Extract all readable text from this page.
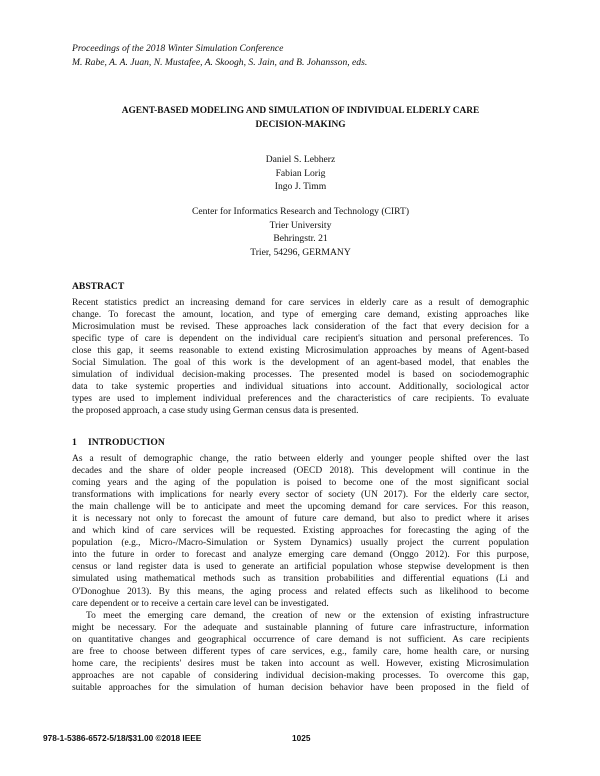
Proceedings of the 2018 Winter Simulation Conference
M. Rabe, A. A. Juan, N. Mustafee, A. Skoogh, S. Jain, and B. Johansson, eds.
AGENT-BASED MODELING AND SIMULATION OF INDIVIDUAL ELDERLY CARE
DECISION-MAKING
Daniel S. Lebherz
Fabian Lorig
Ingo J. Timm
Center for Informatics Research and Technology (CIRT)
Trier University
Behringstr. 21
Trier, 54296, GERMANY
ABSTRACT
Recent statistics predict an increasing demand for care services in elderly care as a result of demographic
change. To forecast the amount, location, and type of emerging care demand, existing approaches like
Microsimulation must be revised. These approaches lack consideration of the fact that every decision for a
specific type of care is dependent on the individual care recipient's situation and personal preferences. To
close this gap, it seems reasonable to extend existing Microsimulation approaches by means of Agent-based
Social Simulation. The goal of this work is the development of an agent-based model, that enables the
simulation of individual decision-making processes. The presented model is based on sociodemographic
data to take systemic properties and individual situations into account. Additionally, sociological actor
types are used to implement individual preferences and the characteristics of care recipients. To evaluate
the proposed approach, a case study using German census data is presented.
1 INTRODUCTION
As a result of demographic change, the ratio between elderly and younger people shifted over the last
decades and the share of older people increased (OECD 2018). This development will continue in the
coming years and the aging of the population is poised to become one of the most significant social
transformations with implications for nearly every sector of society (UN 2017). For the elderly care sector,
the main challenge will be to anticipate and meet the upcoming demand for care services. For this reason,
it is necessary not only to forecast the amount of future care demand, but also to predict where it arises
and which kind of care services will be requested. Existing approaches for forecasting the aging of the
population (e.g., Micro-/Macro-Simulation or System Dynamics) usually project the current population
into the future in order to forecast and analyze emerging care demand (Onggo 2012). For this purpose,
census or land register data is used to generate an artificial population whose stepwise development is then
simulated using mathematical methods such as transition probabilities and differential equations (Li and
O'Donoghue 2013). By this means, the aging process and related effects such as likelihood to become
care dependent or to receive a certain care level can be investigated.
To meet the emerging care demand, the creation of new or the extension of existing infrastructure
might be necessary. For the adequate and sustainable planning of future care infrastructure, information
on quantitative changes and geographical occurrence of care demand is not sufficient. As care recipients
are free to choose between different types of care services, e.g., family care, home health care, or nursing
home care, the recipients' desires must be taken into account as well. However, existing Microsimulation
approaches are not capable of considering individual decision-making processes. To overcome this gap,
suitable approaches for the simulation of human decision behavior have been proposed in the field of
978-1-5386-6572-5/18/$31.00 ©2018 IEEE	1025
